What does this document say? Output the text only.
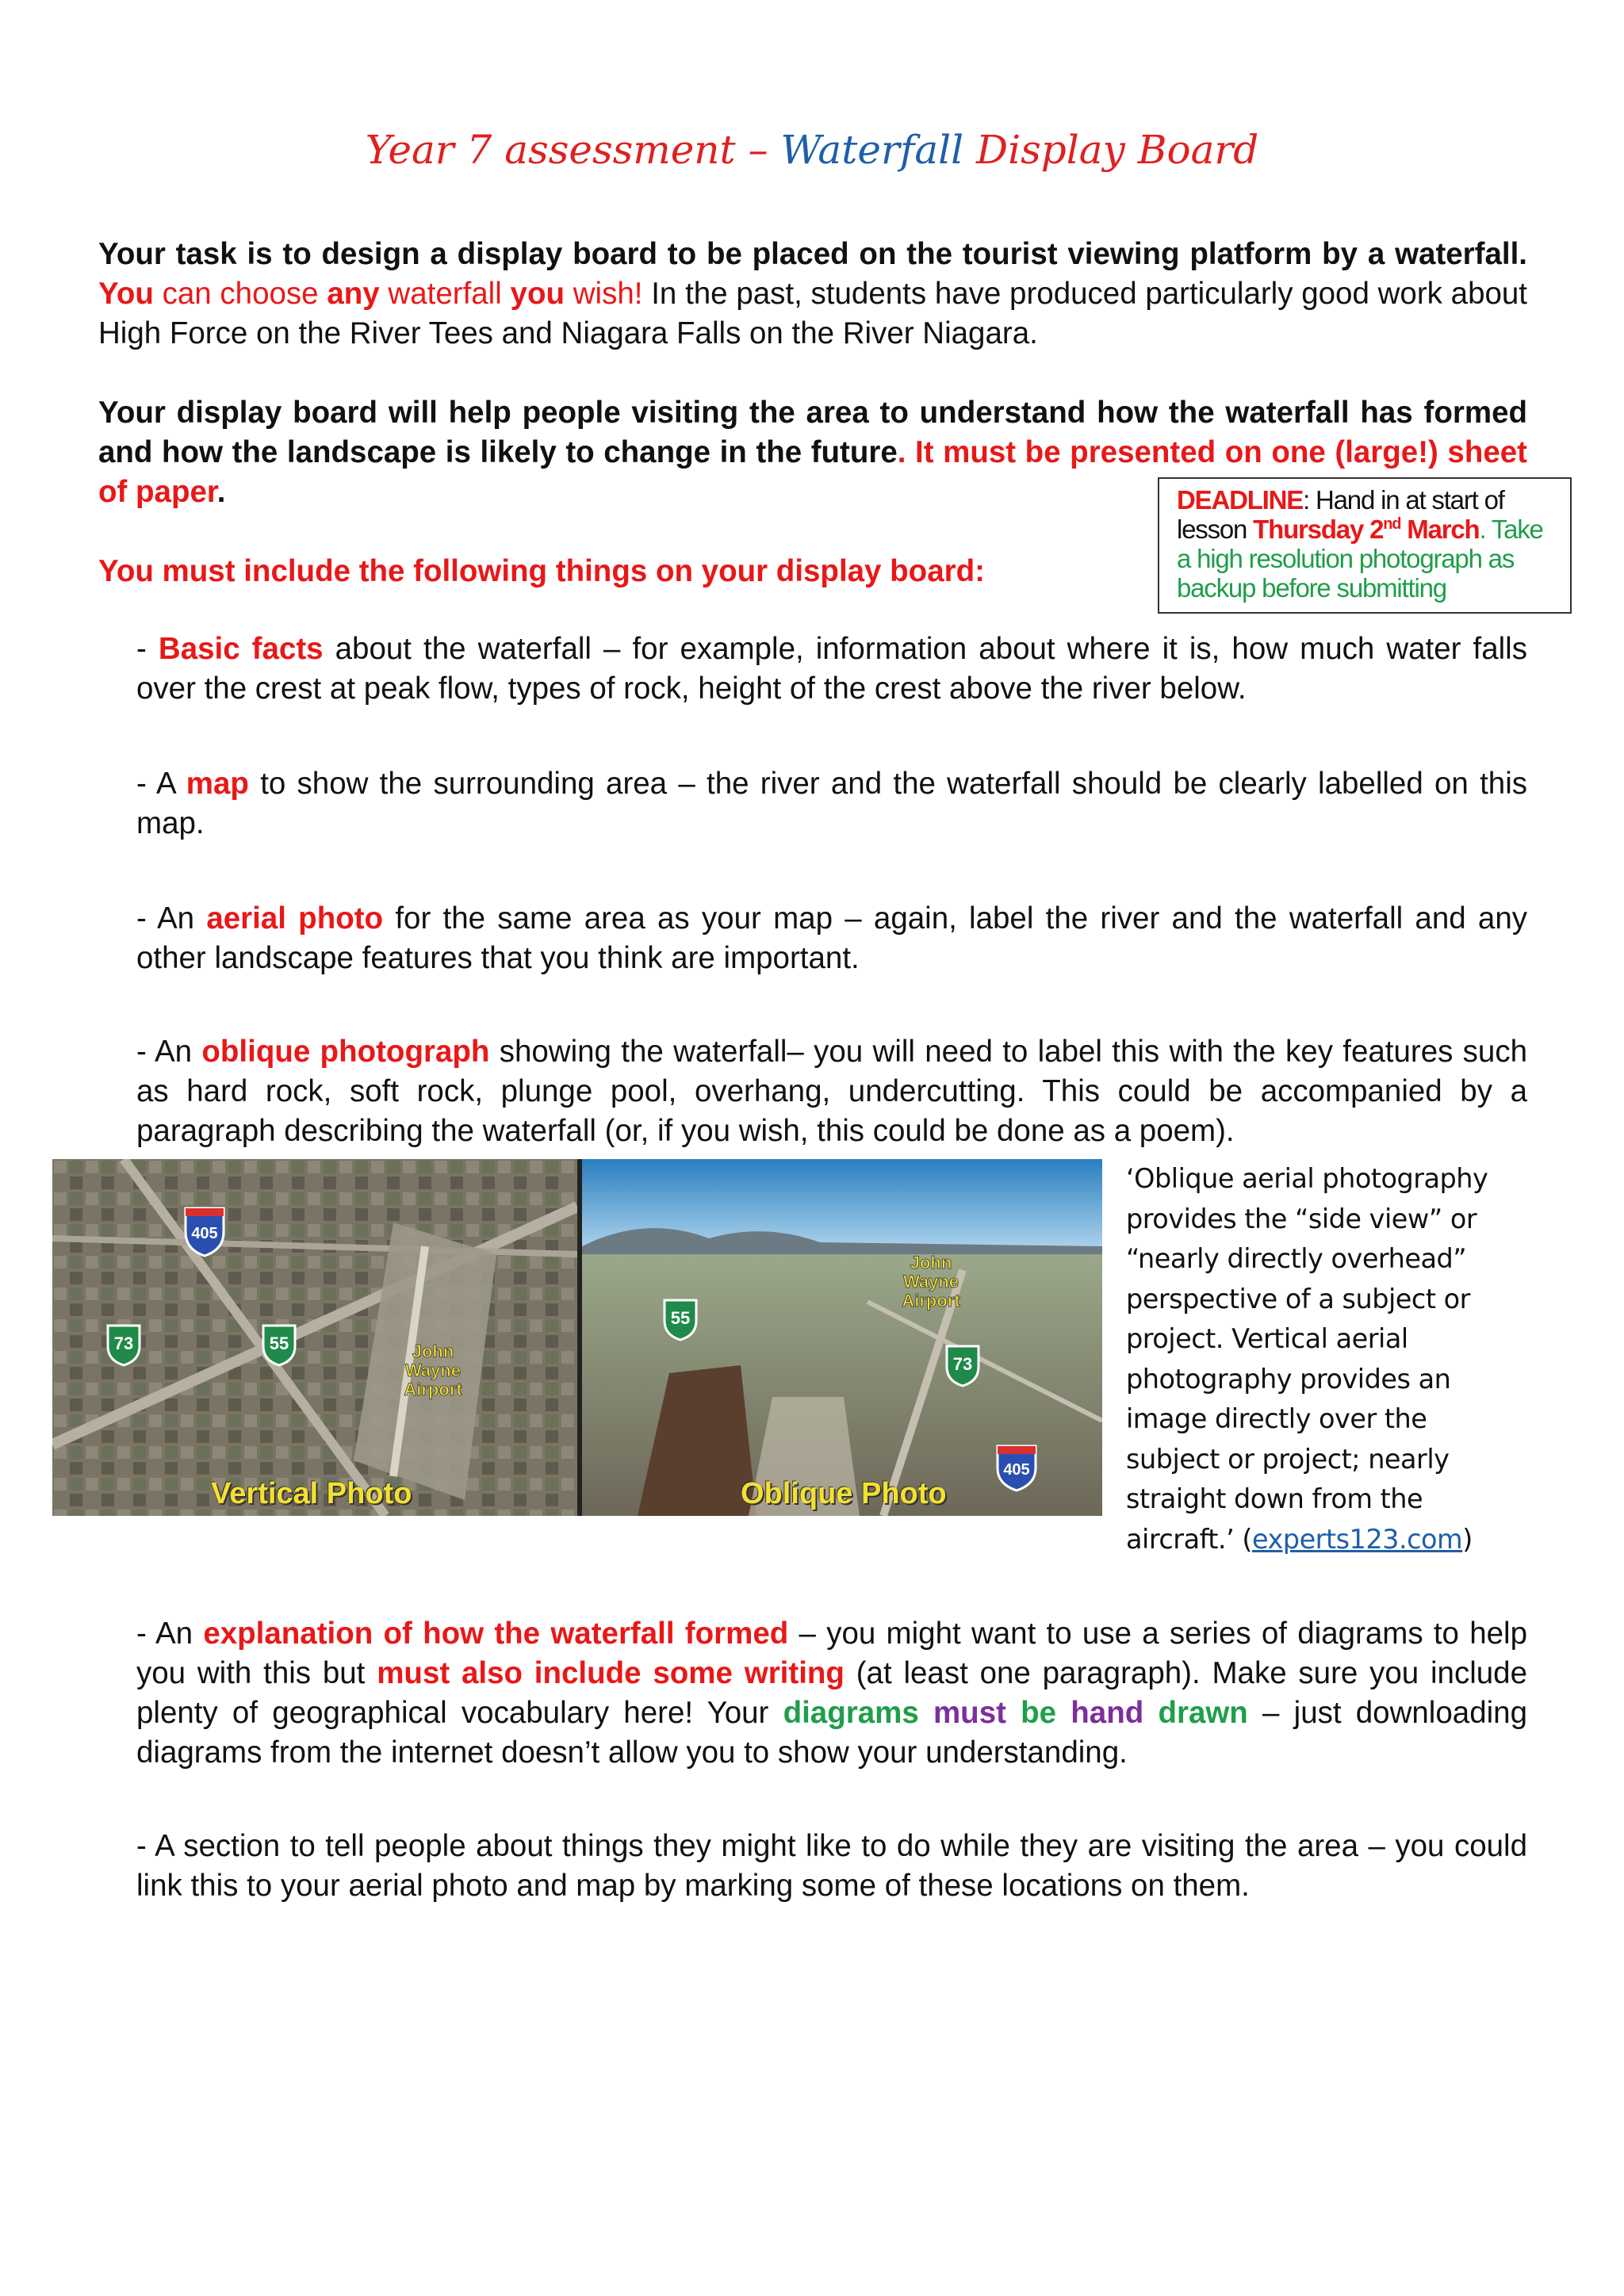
Year 7 assessment – Waterfall Display Board
Your task is to design a display board to be placed on the tourist viewing platform by a waterfall. You can choose any waterfall you wish! In the past, students have produced particularly good work about High Force on the River Tees and Niagara Falls on the River Niagara.
Your display board will help people visiting the area to understand how the waterfall has formed and how the landscape is likely to change in the future. It must be presented on one (large!) sheet of paper.	DEADLINE: Hand in at start of lesson Thursday 2nd March. Take a high resolution photograph as backup before submitting
You must include the following things on your display board:
- Basic facts about the waterfall – for example, information about where it is, how much water falls over the crest at peak flow, types of rock, height of the crest above the river below.
- A map to show the surrounding area – the river and the waterfall should be clearly labelled on this map.
- An aerial photo for the same area as your map – again, label the river and the waterfall and any other landscape features that you think are important.
- An oblique photograph showing the waterfall– you will need to label this with the key features such as hard rock, soft rock, plunge pool, overhang, undercutting. This could be accompanied by a paragraph describing the waterfall (or, if you wish, this could be done as a poem).
405
73	55	John
Wayne
Airport
Vertical Photo
55
73
405
John
Wayne
Airport
Oblique Photo
‘Oblique aerial photography provides the “side view” or “nearly directly overhead” perspective of a subject or project. Vertical aerial photography provides an image directly over the subject or project; nearly straight down from the aircraft.’ (experts123.com)
- An explanation of how the waterfall formed – you might want to use a series of diagrams to help you with this but must also include some writing (at least one paragraph). Make sure you include plenty of geographical vocabulary here! Your diagrams must be hand drawn – just downloading diagrams from the internet doesn’t allow you to show your understanding.
- A section to tell people about things they might like to do while they are visiting the area – you could link this to your aerial photo and map by marking some of these locations on them.
